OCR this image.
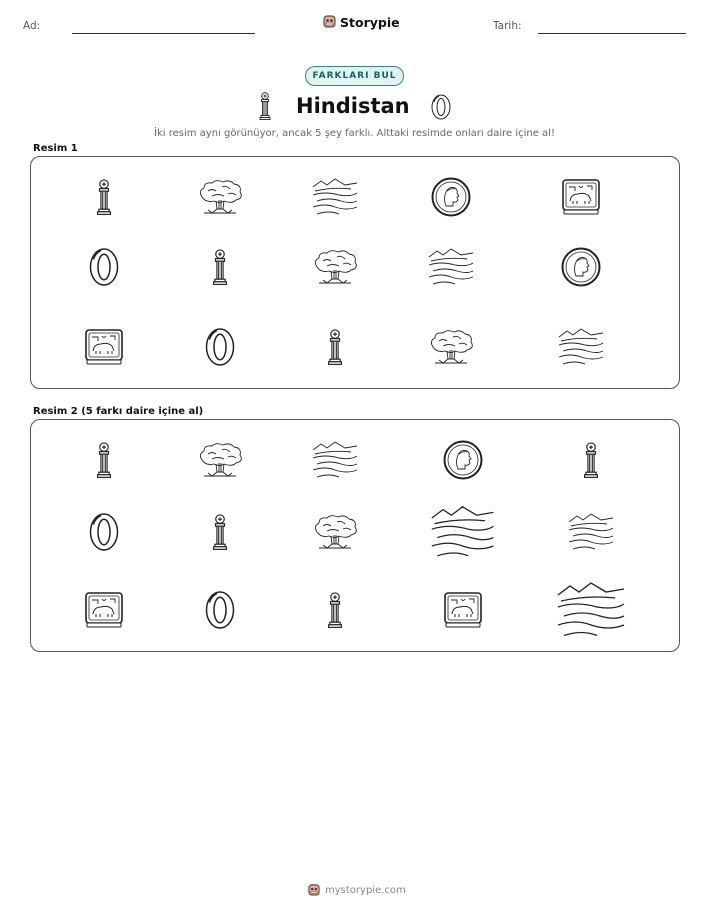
Ad:	Storypie	Tarih:
FARKLARI BUL
Hindistan
İki resim aynı görünüyor, ancak 5 şey farklı. Alttaki resimde onları daire içine al!
Resim 1
Resim 2 (5 farkı daire içine al)
mystorypie.com
